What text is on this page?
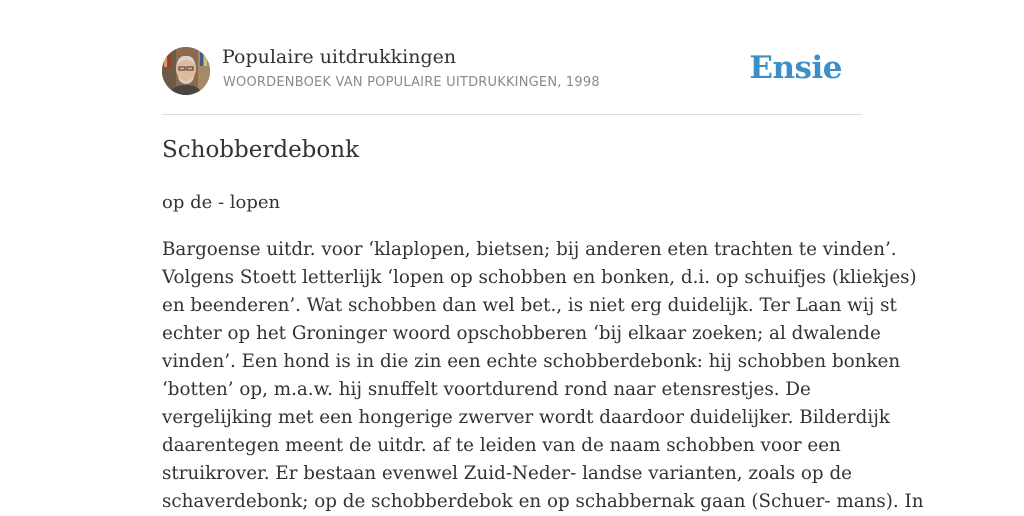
Populaire uitdrukkingen
WOORDENBOEK VAN POPULAIRE UITDRUKKINGEN, 1998	Ensie
Schobberdebonk
op de - lopen

Bargoense uitdr. voor ‘klaplopen, bietsen; bij anderen eten trachten te vinden’.
Volgens Stoett letterlijk ‘lopen op schobben en bonken, d.i. op schuifjes (kliekjes)
en beenderen’. Wat schobben dan wel bet., is niet erg duidelijk. Ter Laan wij st
echter op het Groninger woord opschobberen ‘bij elkaar zoeken; al dwalende
vinden’. Een hond is in die zin een echte schobberdebonk: hij schobben bonken
‘botten’ op, m.a.w. hij snuffelt voortdurend rond naar etensrestjes. De
vergelijking met een hongerige zwerver wordt daardoor duidelijker. Bilderdijk
daarentegen meent de uitdr. af te leiden van de naam schobben voor een
struikrover. Er bestaan evenwel Zuid-Neder- landse varianten, zoals op de
schaverdebonk; op de schobberdebok en op schabbernak gaan (Schuer- mans). In
